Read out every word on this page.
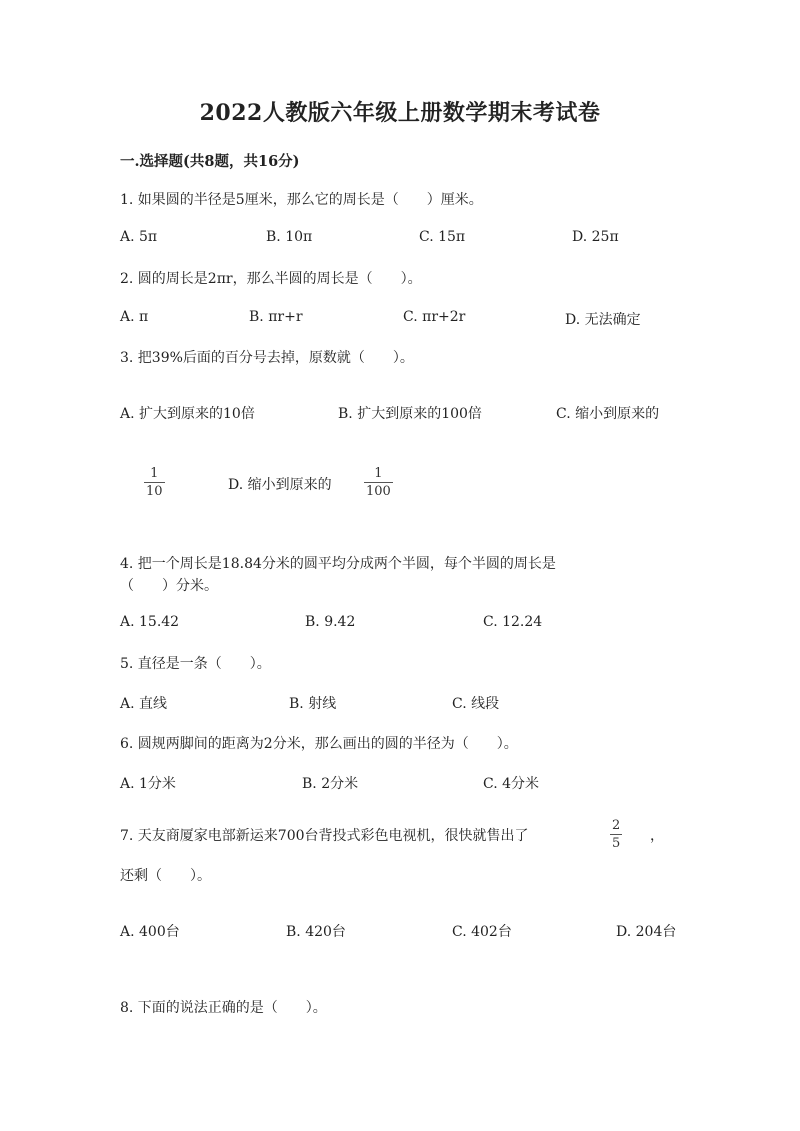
2022人教版六年级上册数学期末考试卷
一.选择题(共8题，共16分)
1. 如果圆的半径是5厘米，那么它的周长是（　　）厘米。
A. 5π	B. 10π	C. 15π	D. 25π
2. 圆的周长是2πr，那么半圆的周长是（　　）。
A. π	B. πr+r	C. πr+2r	D. 无法确定
3. 把39%后面的百分号去掉，原数就（　　）。
A. 扩大到原来的10倍	B. 扩大到原来的100倍	C. 缩小到原来的
1
10	D. 缩小到原来的
1
100
4. 把一个周长是18.84分米的圆平均分成两个半圆，每个半圆的周长是
（　　）分米。
A. 15.42	B. 9.42	C. 12.24
5. 直径是一条（　　）。
A. 直线	B. 射线	C. 线段
6. 圆规两脚间的距离为2分米，那么画出的圆的半径为（　　）。
A. 1分米	B. 2分米	C. 4分米
7. 天友商厦家电部新运来700台背投式彩色电视机，很快就售出了
2
5 ，
还剩（　　）。
A. 400台	B. 420台	C. 402台	D. 204台
8. 下面的说法正确的是（　　）。
